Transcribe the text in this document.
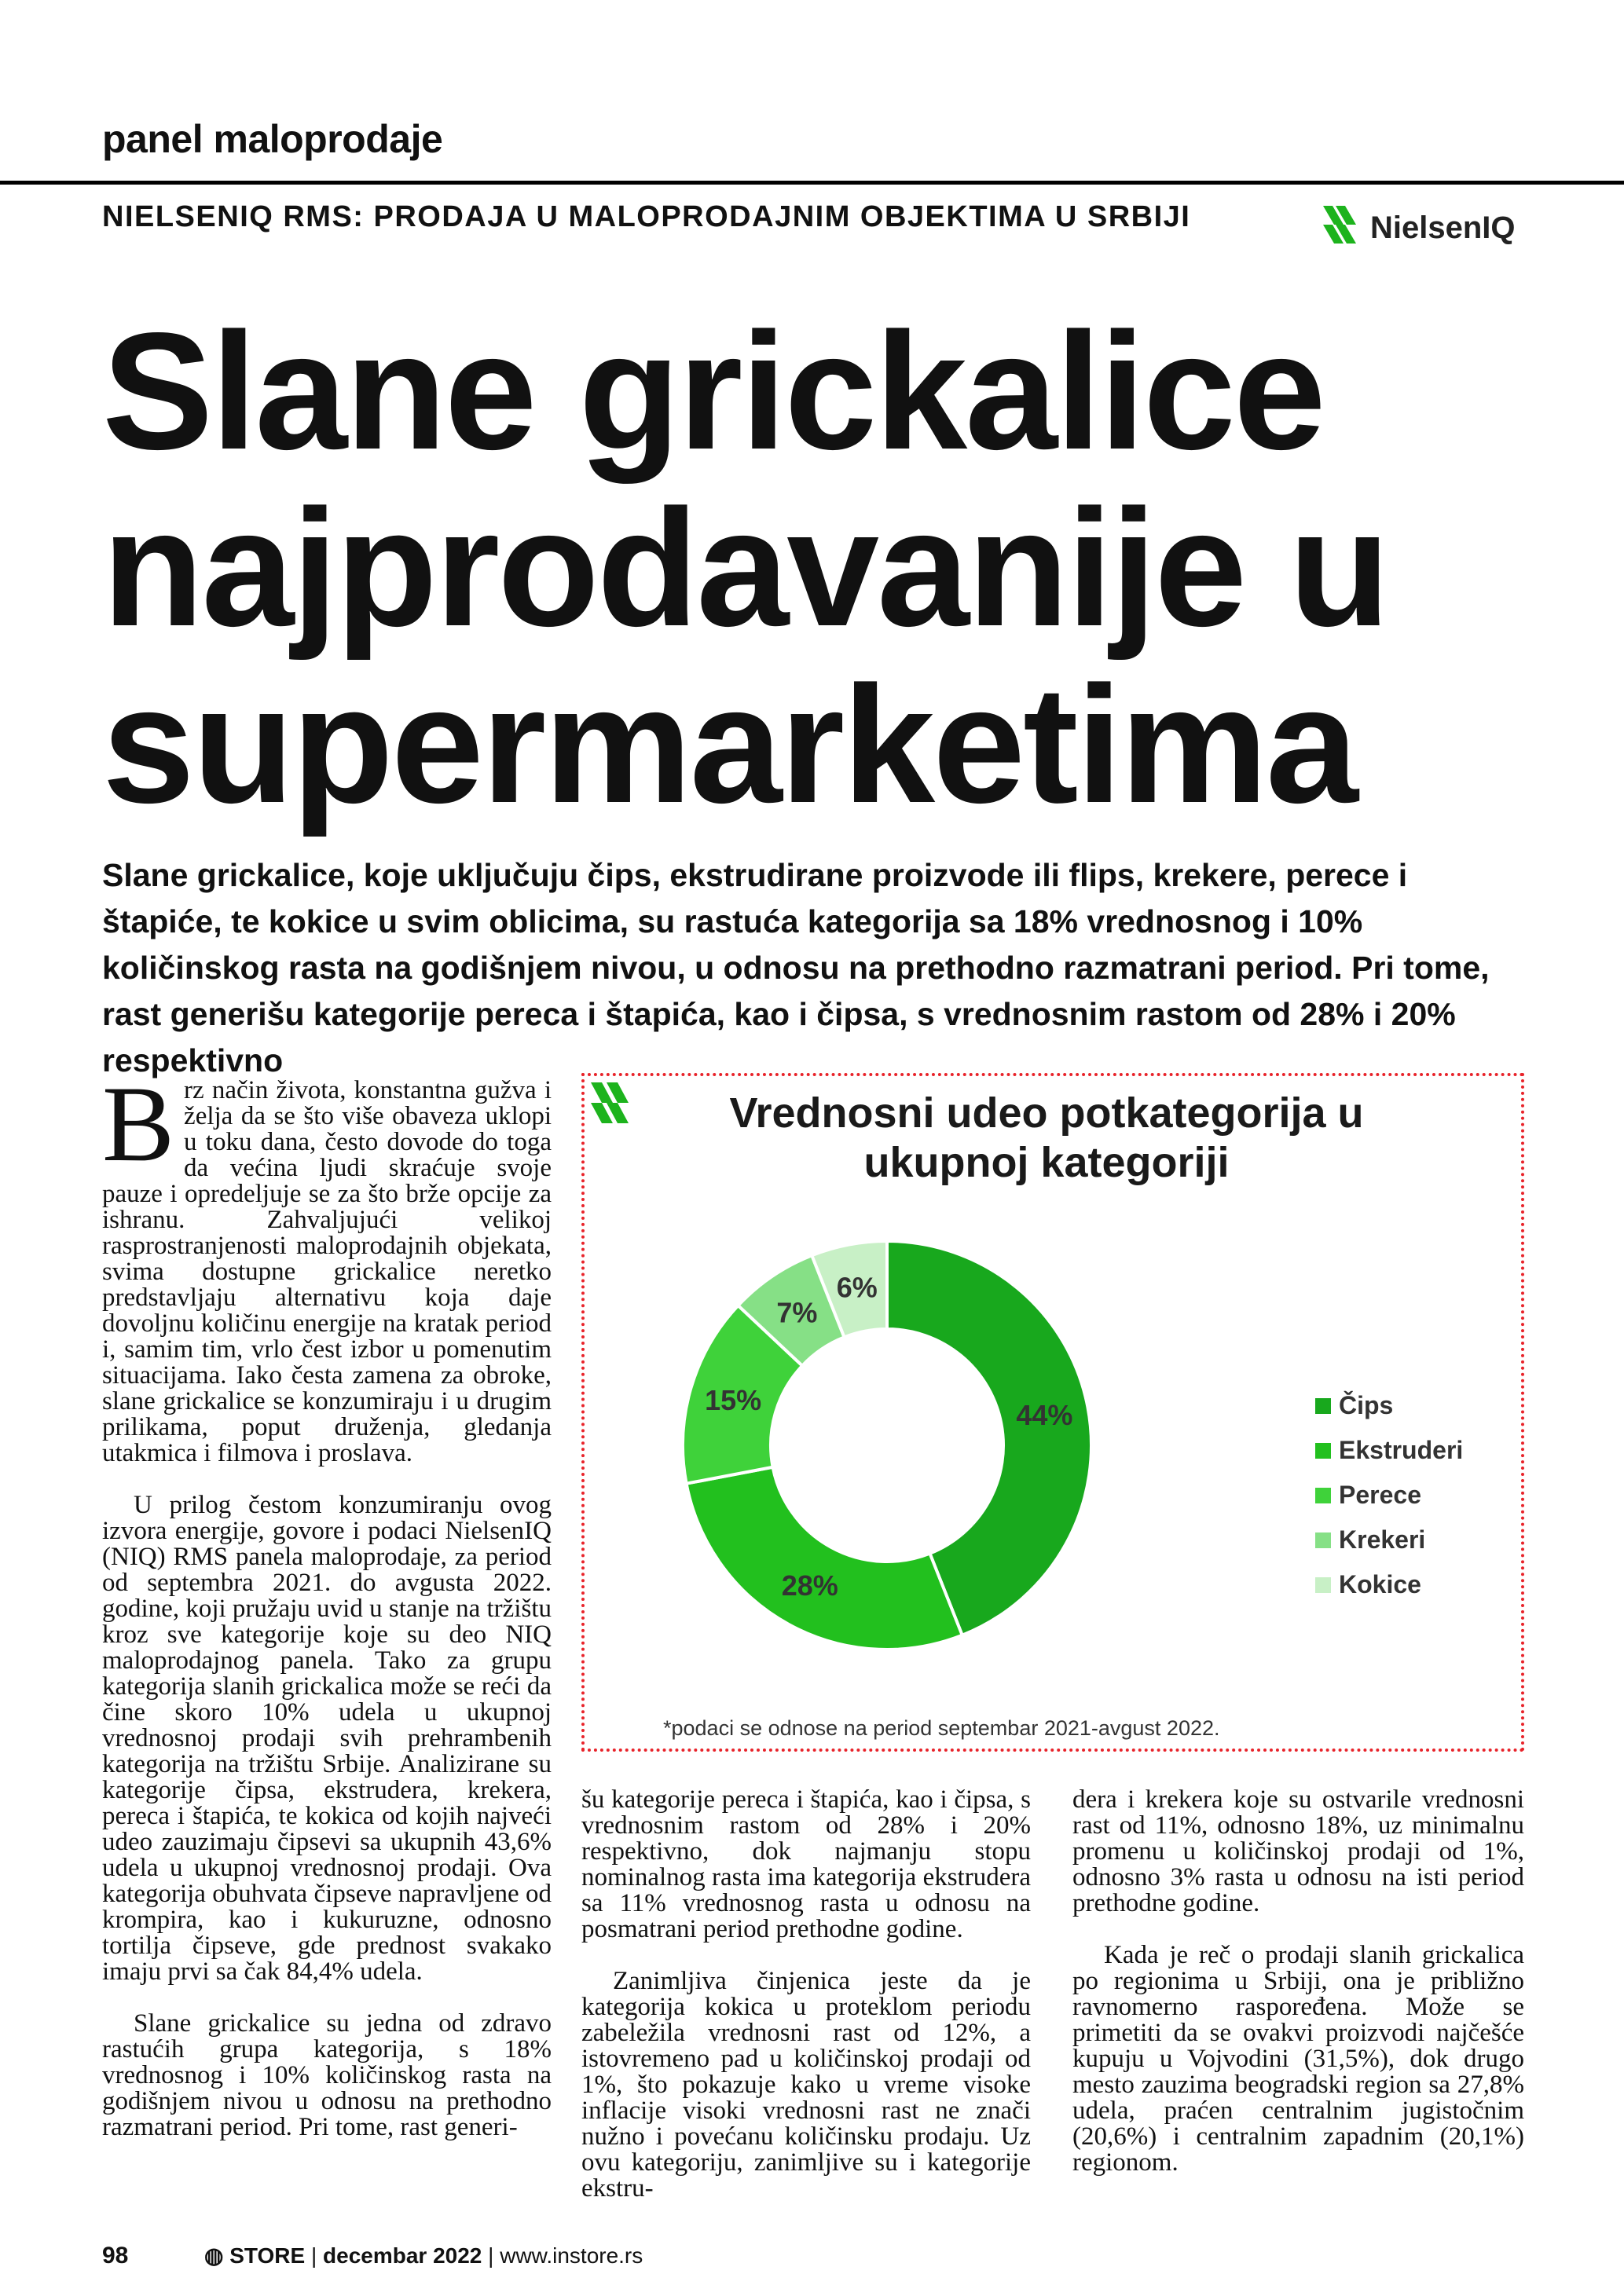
panel maloprodaje
NIELSENIQ RMS: PRODAJA U MALOPRODAJNIM OBJEKTIMA U SRBIJI	NielsenIQ
Slane grickalice
najprodavanije u
supermarketima
Slane grickalice, koje uključuju čips, ekstrudirane proizvode ili flips, krekere, perece i štapiće, te kokice u svim oblicima, su rastuća kategorija sa 18% vrednosnog i 10% količinskog rasta na godišnjem nivou, u odnosu na prethodno razmatrani period. Pri tome, rast generišu kategorije pereca i štapića, kao i čipsa, s vrednosnim rastom od 28% i 20% respektivno

Brz način života, konstantna gužva i želja da se što više obaveza uklopi u toku dana, često dovode do toga da većina ljudi skraćuje svoje pauze i opredeljuje se za što brže opcije za ishranu. Zahvaljujući velikoj rasprostranjenosti maloprodajnih objekata, svima dostupne grickalice neretko predstavljaju alternativu koja daje dovoljnu količinu energije na kratak period i, samim tim, vrlo čest izbor u pomenutim situacijama. Iako česta zamena za obroke, slane grickalice se konzumiraju i u drugim prilikama, poput druženja, gledanja utakmica i filmova i proslava.

U prilog čestom konzumiranju ovog izvora energije, govore i podaci NielsenIQ (NIQ) RMS panela maloprodaje, za period od septembra 2021. do avgusta 2022. godine, koji pružaju uvid u stanje na tržištu kroz sve kategorije koje su deo NIQ maloprodajnog panela. Tako za grupu kategorija slanih grickalica može se reći da čine skoro 10% udela u ukupnoj vrednosnoj prodaji svih prehrambenih kategorija na tržištu Srbije. Analizirane su kategorije čipsa, ekstrudera, krekera, pereca i štapića, te kokica od kojih najveći udeo zauzimaju čipsevi sa ukupnih 43,6% udela u ukupnoj vrednosnoj prodaji. Ova kategorija obuhvata čipseve napravljene od krompira, kao i kukuruzne, odnosno tortilja čipseve, gde prednost svakako imaju prvi sa čak 84,4% udela.

Slane grickalice su jedna od zdravo rastućih grupa kategorija, s 18% vrednosnog i 10% količinskog rasta na godišnjem nivou u odnosu na prethodno razmatrani period. Pri tome, rast generi-

šu kategorije pereca i štapića, kao i čipsa, s vrednosnim rastom od 28% i 20% respektivno, dok najmanju stopu nominalnog rasta ima kategorija ekstrudera sa 11% vrednosnog rasta u odnosu na posmatrani period prethodne godine.

Zanimljiva činjenica jeste da je kategorija kokica u proteklom periodu zabeležila vrednosni rast od 12%, a istovremeno pad u količinskoj prodaji od 1%, što pokazuje kako u vreme visoke inflacije visoki vrednosni rast ne znači nužno i povećanu količinsku prodaju. Uz ovu kategoriju, zanimljive su i kategorije ekstru-

dera i krekera koje su ostvarile vrednosni rast od 11%, odnosno 18%, uz minimalnu promenu u količinskoj prodaji od 1%, odnosno 3% rasta u odnosu na isti period prethodne godine.

Kada je reč o prodaji slanih grickalica po regionima u Srbiji, ona je približno ravnomerno raspoređena. Može se primetiti da se ovakvi proizvodi najčešće kupuju u Vojvodini (31,5%), dok drugo mesto zauzima beogradski region sa 27,8% udela, praćen centralnim jugistočnim (20,6%) i centralnim zapadnim (20,1%) regionom.

Vrednosni udeo potkategorija u
ukupnoj kategoriji
44%
28%
15%
7%
6%
Čips
Ekstruderi
Perece
Krekeri
Kokice
*podaci se odnose na period septembar 2021-avgust 2022.
98	◍ STORE | decembar 2022 | www.instore.rs
